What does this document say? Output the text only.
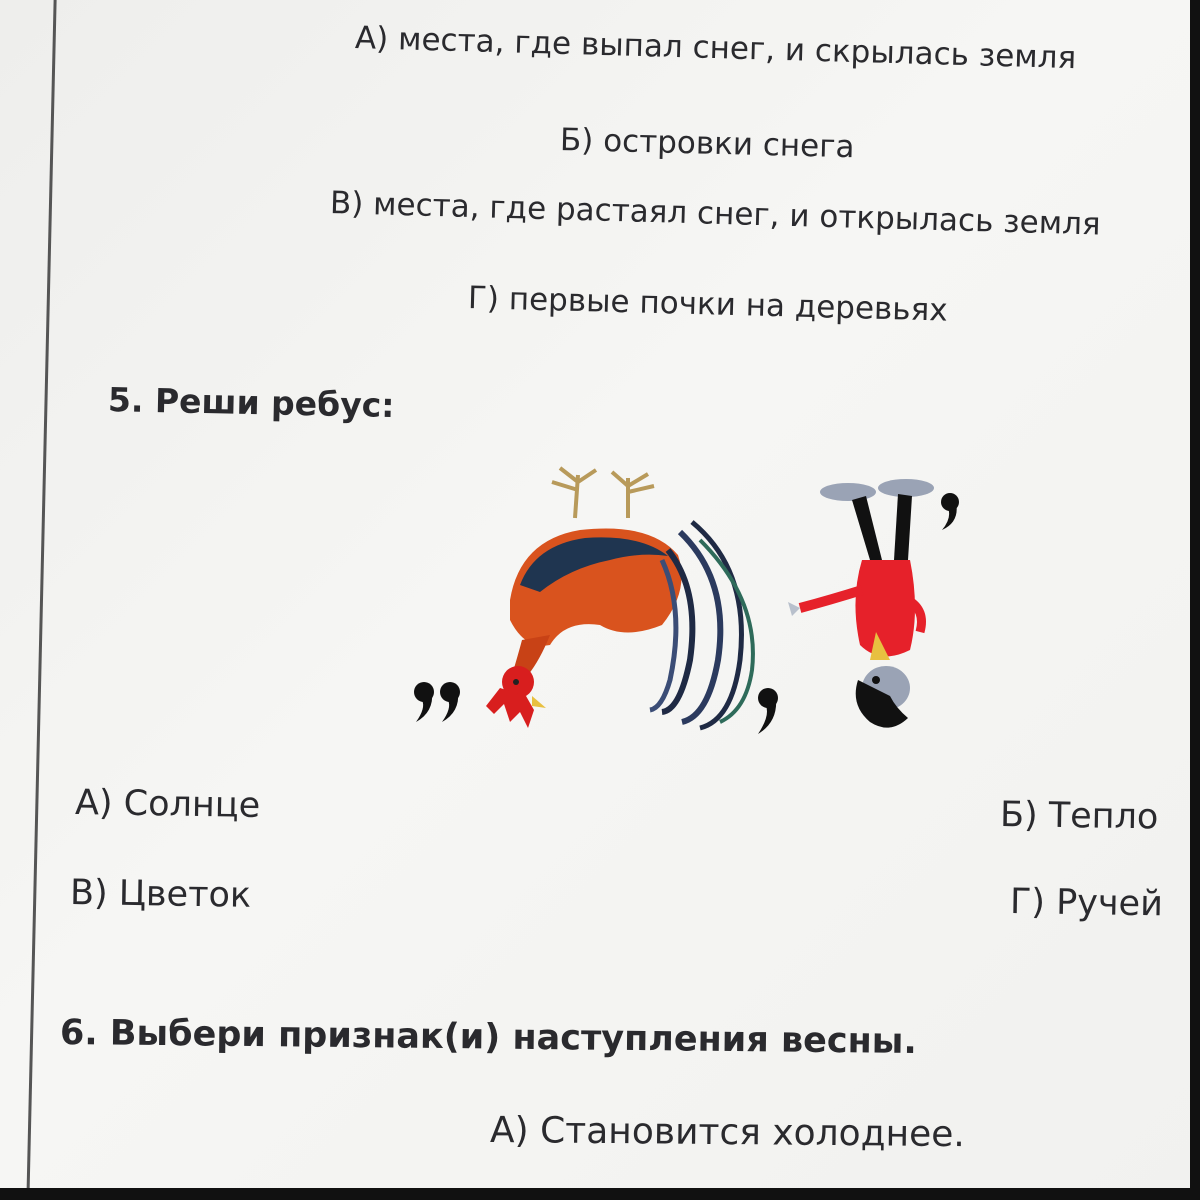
А) места, где выпал снег, и скрылась земля
Б) островки снега
В) места, где растаял снег, и открылась земля
Г) первые почки на деревьях
5. Реши ребус:
А) Солнце	Б) Тепло
В) Цветок	Г) Ручей
6. Выбери признак(и) наступления весны.
А) Становится холоднее.
